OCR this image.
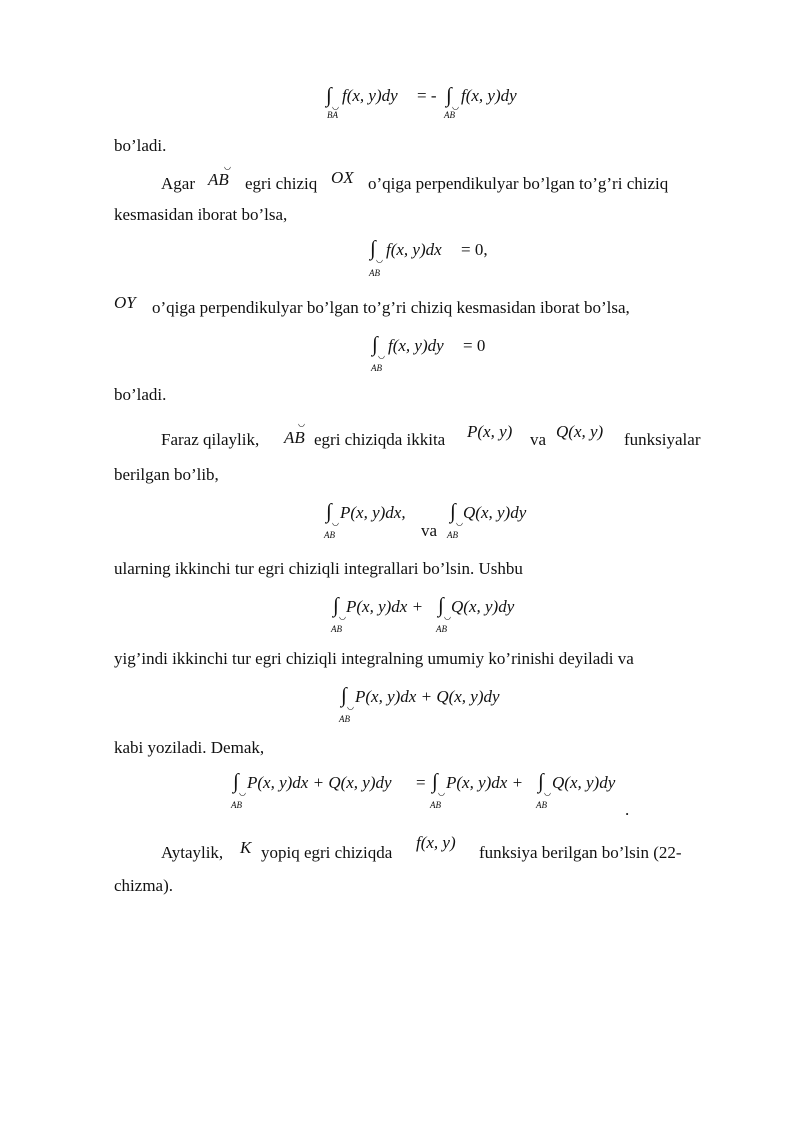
∫ ◡
BA
f(x, y)dy = - ∫ ◡
AB
f(x, y)dy
bo’ladi.
Agar
◡
AB egri chiziq OX o’qiga perpendikulyar bo’lgan to’g’ri chiziq
kesmasidan iborat bo’lsa,
∫ ◡
AB
f(x, y)dx = 0,
OY o’qiga perpendikulyar bo’lgan to’g’ri chiziq kesmasidan iborat bo’lsa,
∫ ◡
AB
f(x, y)dy = 0
bo’ladi.
Faraz qilaylik,
◡
AB egri chiziqda ikkita P(x, y) va Q(x, y) funksiyalar
berilgan bo’lib,
∫ ◡
AB
P(x, y)dx,
va
∫ ◡
AB
Q(x, y)dy
ularning ikkinchi tur egri chiziqli integrallari bo’lsin. Ushbu
∫ ◡
AB
P(x, y)dx + ∫ ◡
AB
Q(x, y)dy
yig’indi ikkinchi tur egri chiziqli integralning umumiy ko’rinishi deyiladi va
∫ ◡
AB
P(x, y)dx + Q(x, y)dy
kabi yoziladi. Demak,
∫ ◡
AB
P(x, y)dx + Q(x, y)dy = ∫ ◡
AB
P(x, y)dx + ∫ ◡
AB
Q(x, y)dy
.
Aytaylik, K yopiq egri chiziqda
f(x, y)
funksiya berilgan bo’lsin (22-
chizma).
